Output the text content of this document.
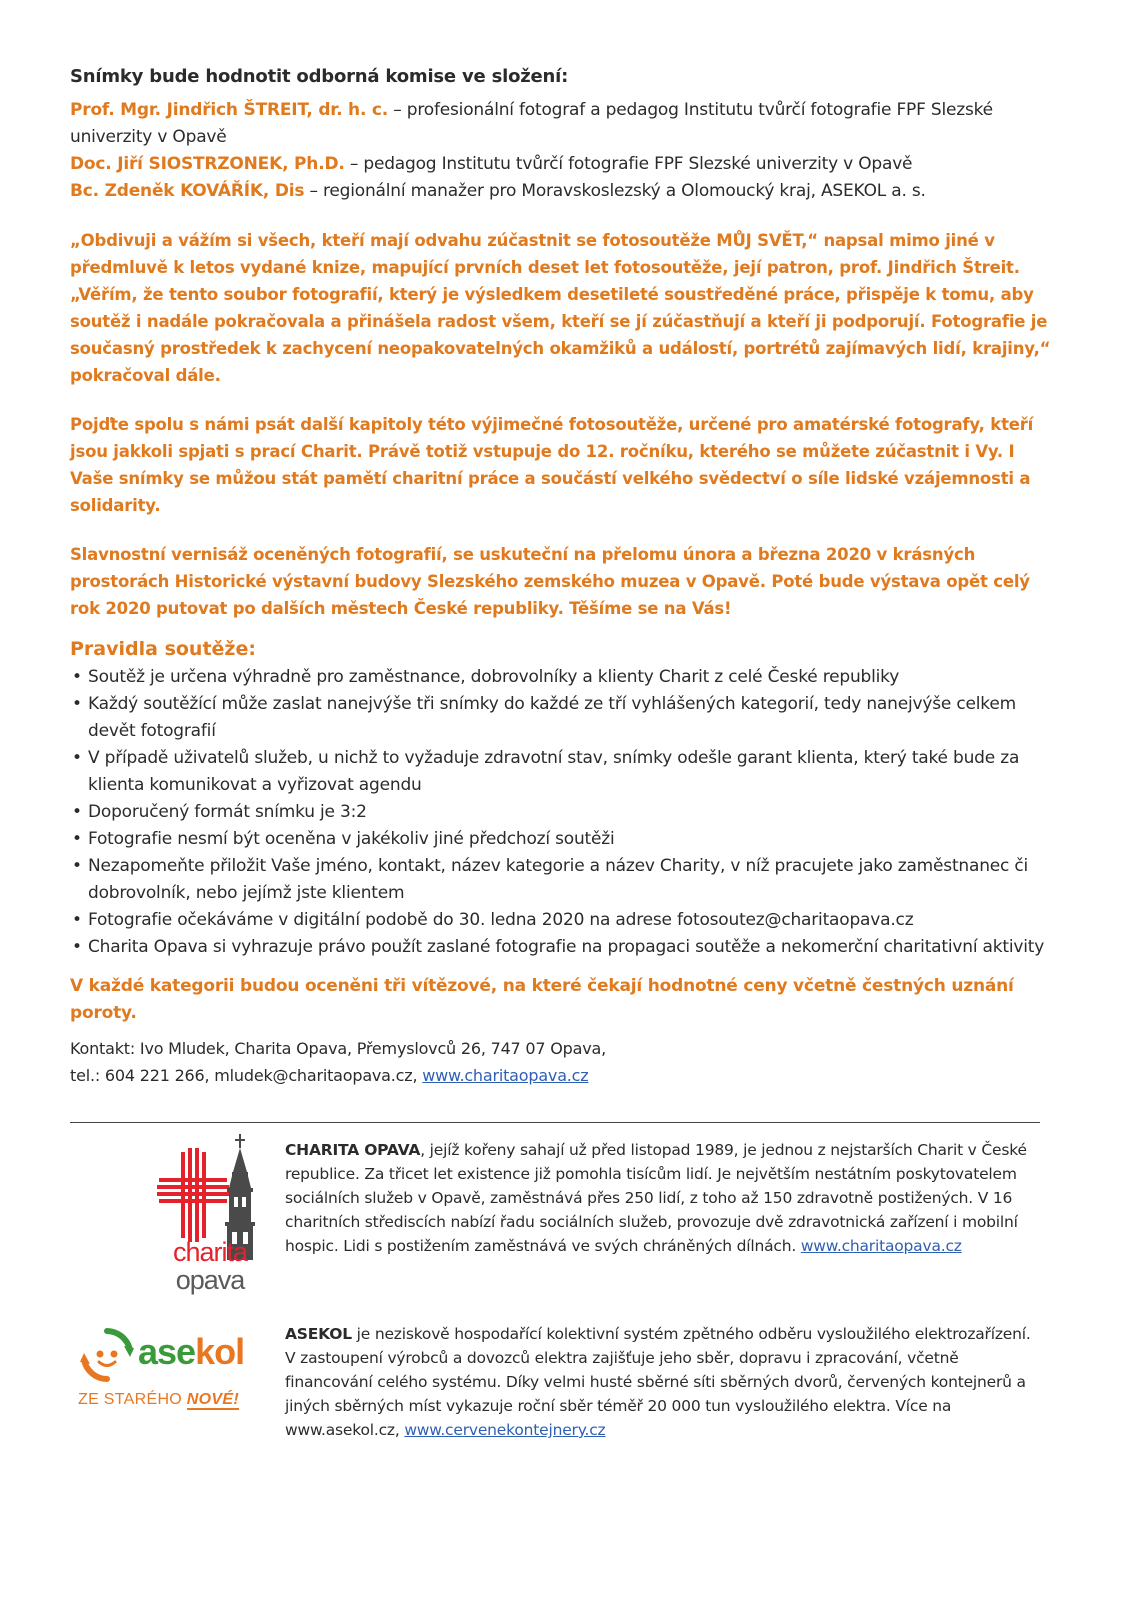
Snímky bude hodnotit odborná komise ve složení:

Prof. Mgr. Jindřich ŠTREIT, dr. h. c. – profesionální fotograf a pedagog Institutu tvůrčí fotografie FPF Slezské univerzity v Opavě

Doc. Jiří SIOSTRZONEK, Ph.D. – pedagog Institutu tvůrčí fotografie FPF Slezské univerzity v Opavě

Bc. Zdeněk KOVÁŘÍK, Dis – regionální manažer pro Moravskoslezský a Olomoucký kraj, ASEKOL a. s.

„Obdivuji a vážím si všech, kteří mají odvahu zúčastnit se fotosoutěže MŮJ SVĚT,“ napsal mimo jiné v předmluvě k letos vydané knize, mapující prvních deset let fotosoutěže, její patron, prof. Jindřich Štreit. „Věřím, že tento soubor fotografií, který je výsledkem desetileté soustředěné práce, přispěje k tomu, aby soutěž i nadále pokračovala a přinášela radost všem, kteří se jí zúčastňují a kteří ji podporují. Fotografie je současný prostředek k zachycení neopakovatelných okamžiků a událostí, portrétů zajímavých lidí, krajiny,“ pokračoval dále.

Pojďte spolu s námi psát další kapitoly této výjimečné fotosoutěže, určené pro amatérské fotografy, kteří jsou jakkoli spjati s prací Charit. Právě totiž vstupuje do 12. ročníku, kterého se můžete zúčastnit i Vy. I Vaše snímky se můžou stát pamětí charitní práce a součástí velkého svědectví o síle lidské vzájemnosti a solidarity.

Slavnostní vernisáž oceněných fotografií, se uskuteční na přelomu února a března 2020 v krásných prostorách Historické výstavní budovy Slezského zemského muzea v Opavě. Poté bude výstava opět celý rok 2020 putovat po dalších městech České republiky. Těšíme se na Vás!

Pravidla soutěže:

• Soutěž je určena výhradně pro zaměstnance, dobrovolníky a klienty Charit z celé České republiky
• Každý soutěžící může zaslat nanejvýše tři snímky do každé ze tří vyhlášených kategorií, tedy nanejvýše celkem devět fotografií
• V případě uživatelů služeb, u nichž to vyžaduje zdravotní stav, snímky odešle garant klienta, který také bude za klienta komunikovat a vyřizovat agendu
• Doporučený formát snímku je 3:2
• Fotografie nesmí být oceněna v jakékoliv jiné předchozí soutěži
• Nezapomeňte přiložit Vaše jméno, kontakt, název kategorie a název Charity, v níž pracujete jako zaměstnanec či dobrovolník, nebo jejímž jste klientem
• Fotografie očekáváme v digitální podobě do 30. ledna 2020 na adrese fotosoutez@charitaopava.cz
• Charita Opava si vyhrazuje právo použít zaslané fotografie na propagaci soutěže a nekomerční charitativní aktivity

V každé kategorii budou oceněni tři vítězové, na které čekají hodnotné ceny včetně čestných uznání poroty.

Kontakt: Ivo Mludek, Charita Opava, Přemyslovců 26, 747 07 Opava,
tel.: 604 221 266, mludek@charitaopava.cz, www.charitaopava.cz

charita
opava
CHARITA OPAVA, jejíž kořeny sahají už před listopad 1989, je jednou z nejstarších Charit v České republice. Za třicet let existence již pomohla tisícům lidí. Je největším nestátním poskytovatelem sociálních služeb v Opavě, zaměstnává přes 250 lidí, z toho až 150 zdravotně postižených. V 16 charitních střediscích nabízí řadu sociálních služeb, provozuje dvě zdravotnická zařízení i mobilní hospic. Lidi s postižením zaměstnává ve svých chráněných dílnách. www.charitaopava.cz
asekol
ZE STARÉHO NOVÉ!
ASEKOL je neziskově hospodařící kolektivní systém zpětného odběru vysloužilého elektrozařízení. V zastoupení výrobců a dovozců elektra zajišťuje jeho sběr, dopravu i zpracování, včetně financování celého systému. Díky velmi husté sběrné síti sběrných dvorů, červených kontejnerů a jiných sběrných míst vykazuje roční sběr téměř 20 000 tun vysloužilého elektra. Více na www.asekol.cz, www.cervenekontejnery.cz
